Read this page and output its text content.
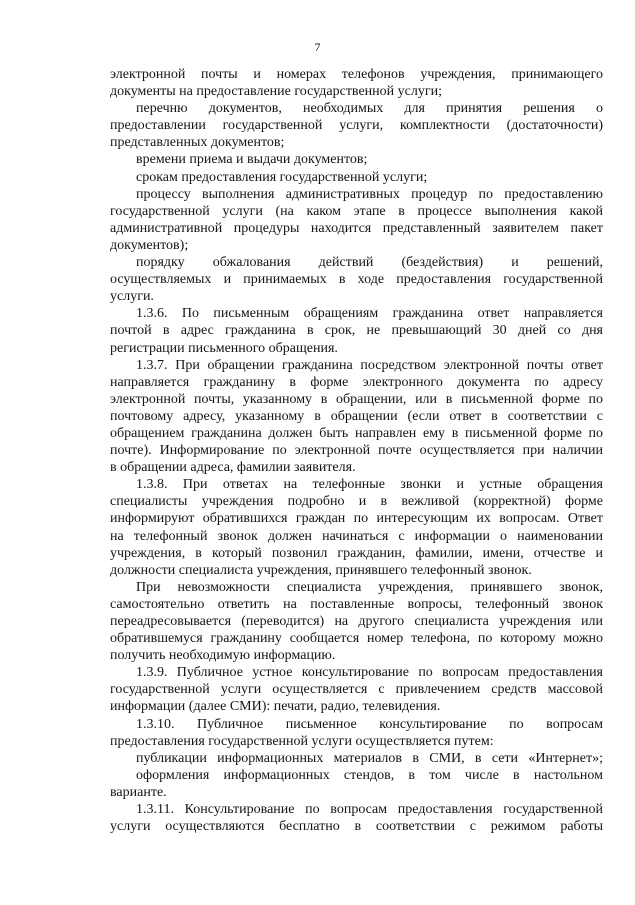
7
электронной почты и номерах телефонов учреждения, принимающего
документы на предоставление государственной услуги;
перечню документов, необходимых для принятия решения о
предоставлении государственной услуги, комплектности (достаточности)
представленных документов;
времени приема и выдачи документов;
срокам предоставления государственной услуги;
процессу выполнения административных процедур по предоставлению
государственной услуги (на каком этапе в процессе выполнения какой
административной процедуры находится представленный заявителем пакет
документов);
порядку обжалования действий (бездействия) и решений,
осуществляемых и принимаемых в ходе предоставления государственной
услуги.
1.3.6. По письменным обращениям гражданина ответ направляется
почтой в адрес гражданина в срок, не превышающий 30 дней со дня
регистрации письменного обращения.
1.3.7. При обращении гражданина посредством электронной почты ответ
направляется гражданину в форме электронного документа по адресу
электронной почты, указанному в обращении, или в письменной форме по
почтовому адресу, указанному в обращении (если ответ в соответствии с
обращением гражданина должен быть направлен ему в письменной форме по
почте). Информирование по электронной почте осуществляется при наличии
в обращении адреса, фамилии заявителя.
1.3.8. При ответах на телефонные звонки и устные обращения
специалисты учреждения подробно и в вежливой (корректной) форме
информируют обратившихся граждан по интересующим их вопросам. Ответ
на телефонный звонок должен начинаться с информации о наименовании
учреждения, в который позвонил гражданин, фамилии, имени, отчестве и
должности специалиста учреждения, принявшего телефонный звонок.
При невозможности специалиста учреждения, принявшего звонок,
самостоятельно ответить на поставленные вопросы, телефонный звонок
переадресовывается (переводится) на другого специалиста учреждения или
обратившемуся гражданину сообщается номер телефона, по которому можно
получить необходимую информацию.
1.3.9. Публичное устное консультирование по вопросам предоставления
государственной услуги осуществляется с привлечением средств массовой
информации (далее СМИ): печати, радио, телевидения.
1.3.10. Публичное письменное консультирование по вопросам
предоставления государственной услуги осуществляется путем:
публикации информационных материалов в СМИ, в сети «Интернет»;
оформления информационных стендов, в том числе в настольном
варианте.
1.3.11. Консультирование по вопросам предоставления государственной
услуги осуществляются бесплатно в соответствии с режимом работы
